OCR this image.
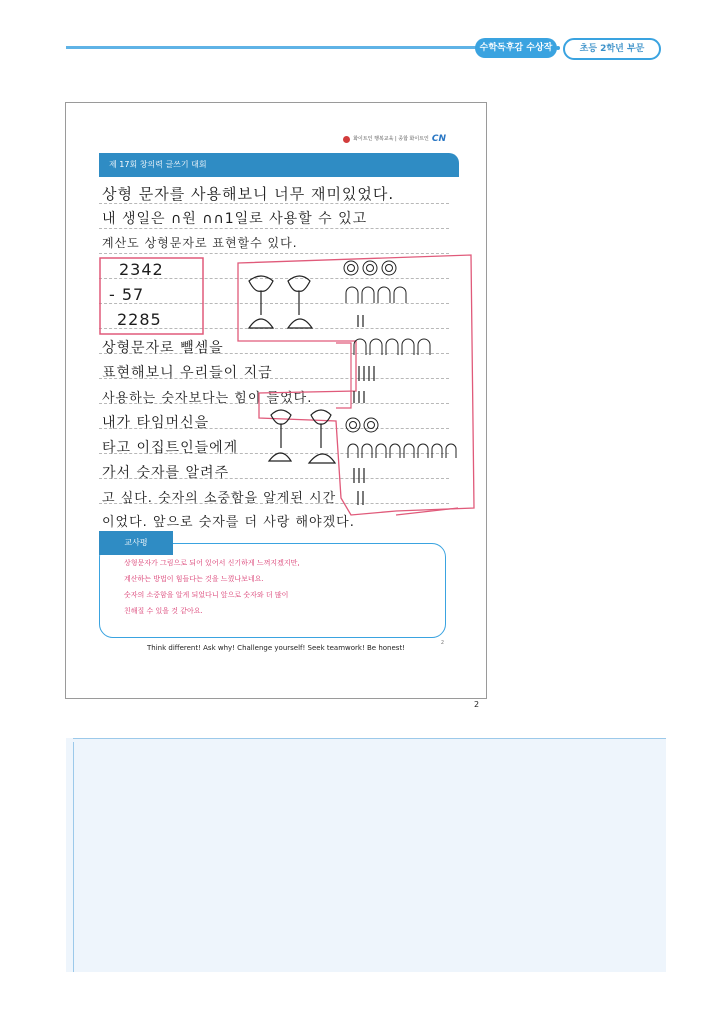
수학독후감 수상작	초등 2학년 부문
화이트인 행복교육 | 종합 화이트인 CN
제 17회 창의력 글쓰기 대회
상형 문자를 사용해보니 너무 재미있었다.
내 생일은 ∩원 ∩∩1일로 사용할 수 있고
계산도 상형문자로 표현할수 있다.
2342
- 57
2285
상형문자로 뺄셈을
표현해보니 우리들이 지금
사용하는 숫자보다는 힘이 들었다.
내가 타임머신을
타고 이집트인들에게
가서 숫자를 알려주
고 싶다. 숫자의 소중함을 알게된 시간
이었다. 앞으로 숫자를 더 사랑 해야겠다.
상형문자가 그림으로 되어 있어서 신기하게 느껴지겠지만,
계산하는 방법이 힘들다는 것을 느꼈나보네요.
숫자의 소중함을 알게 되었다니 앞으로 숫자와 더 많이
친해질 수 있을 것 같아요.
교사평
2
Think different! Ask why! Challenge yourself! Seek teamwork! Be honest!
2
